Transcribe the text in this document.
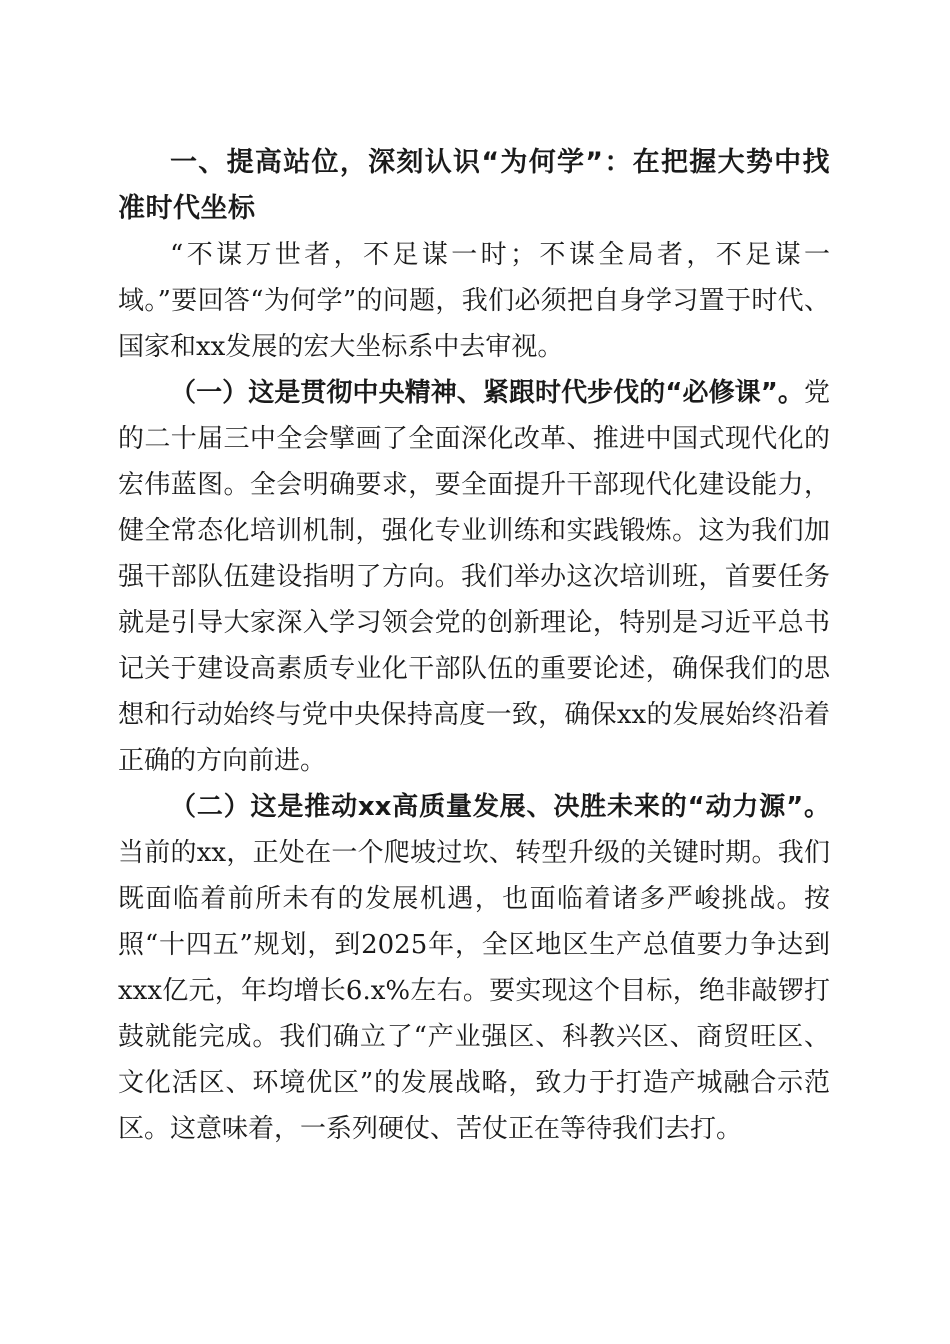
一、提高站位，深刻认识“为何学”：在把握大势中找准时代坐标

“不谋万世者，不足谋一时；不谋全局者，不足谋一域。”要回答“为何学”的问题，我们必须把自身学习置于时代、国家和xx发展的宏大坐标系中去审视。

（一）这是贯彻中央精神、紧跟时代步伐的“必修课”。党的二十届三中全会擘画了全面深化改革、推进中国式现代化的宏伟蓝图。全会明确要求，要全面提升干部现代化建设能力，健全常态化培训机制，强化专业训练和实践锻炼。这为我们加强干部队伍建设指明了方向。我们举办这次培训班，首要任务就是引导大家深入学习领会党的创新理论，特别是习近平总书记关于建设高素质专业化干部队伍的重要论述，确保我们的思想和行动始终与党中央保持高度一致，确保xx的发展始终沿着正确的方向前进。

（二）这是推动xx高质量发展、决胜未来的“动力源”。当前的xx，正处在一个爬坡过坎、转型升级的关键时期。我们既面临着前所未有的发展机遇，也面临着诸多严峻挑战。按照“十四五”规划，到2025年，全区地区生产总值要力争达到xxx亿元，年均增长6.x%左右。要实现这个目标，绝非敲锣打鼓就能完成。我们确立了“产业强区、科教兴区、商贸旺区、文化活区、环境优区”的发展战略，致力于打造产城融合示范区。这意味着，一系列硬仗、苦仗正在等待我们去打。
